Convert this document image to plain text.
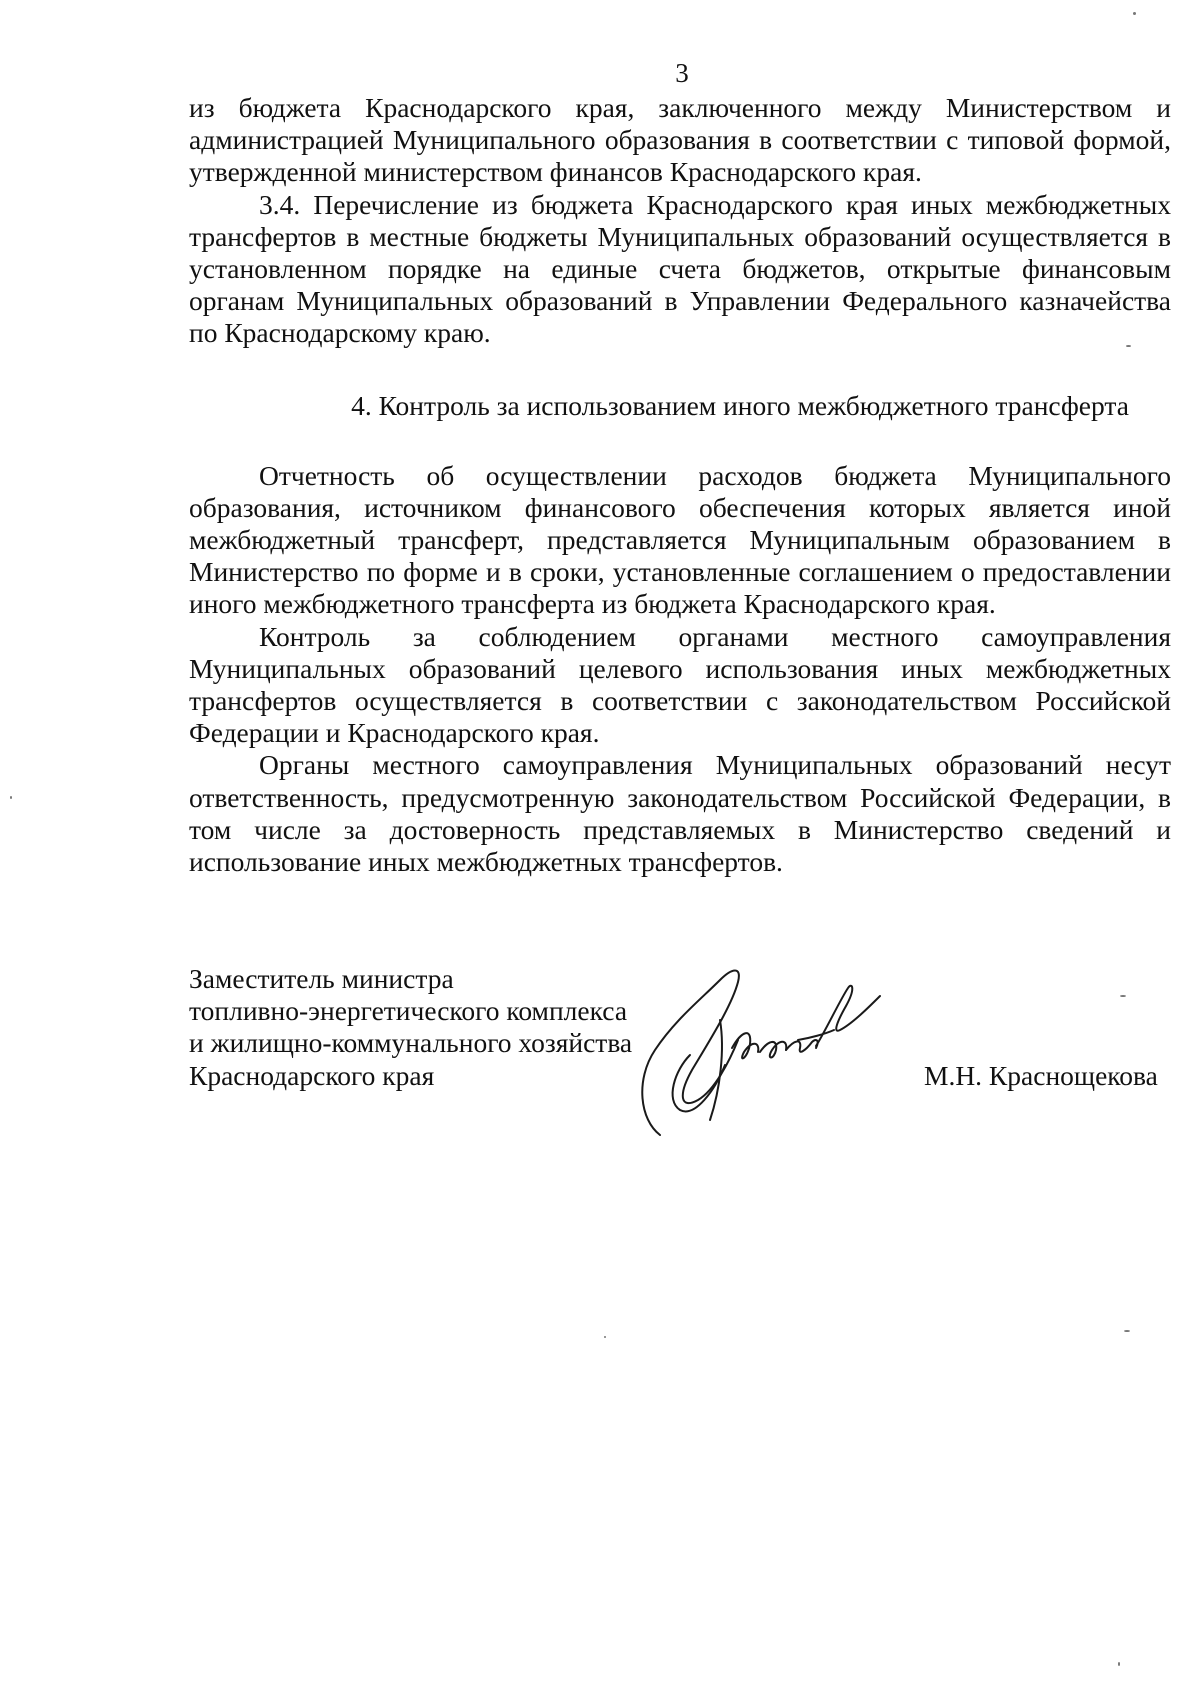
3

из бюджета Краснодарского края, заключенного между Министерством и администрацией Муниципального образования в соответствии с типовой формой, утвержденной министерством финансов Краснодарского края.

3.4. Перечисление из бюджета Краснодарского края иных межбюджетных трансфертов в местные бюджеты Муниципальных образований осуществляется в установленном порядке на единые счета бюджетов, открытые финансовым органам Муниципальных образований в Управлении Федерального казначейства по Краснодарскому краю.

4. Контроль за использованием иного межбюджетного трансферта

Отчетность об осуществлении расходов бюджета Муниципального образования, источником финансового обеспечения которых является иной межбюджетный трансферт, представляется Муниципальным образованием в Министерство по форме и в сроки, установленные соглашением о предоставлении иного межбюджетного трансферта из бюджета Краснодарского края.

Контроль за соблюдением органами местного самоуправления Муниципальных образований целевого использования иных межбюджетных трансфертов осуществляется в соответствии с законодательством Российской Федерации и Краснодарского края.

Органы местного самоуправления Муниципальных образований несут ответственность, предусмотренную законодательством Российской Федерации, в том числе за достоверность представляемых в Министерство сведений и использование иных межбюджетных трансфертов.

Заместитель министра
топливно-энергетического комплекса
и жилищно-коммунального хозяйства
Краснодарского края	М.Н. Краснощекова
